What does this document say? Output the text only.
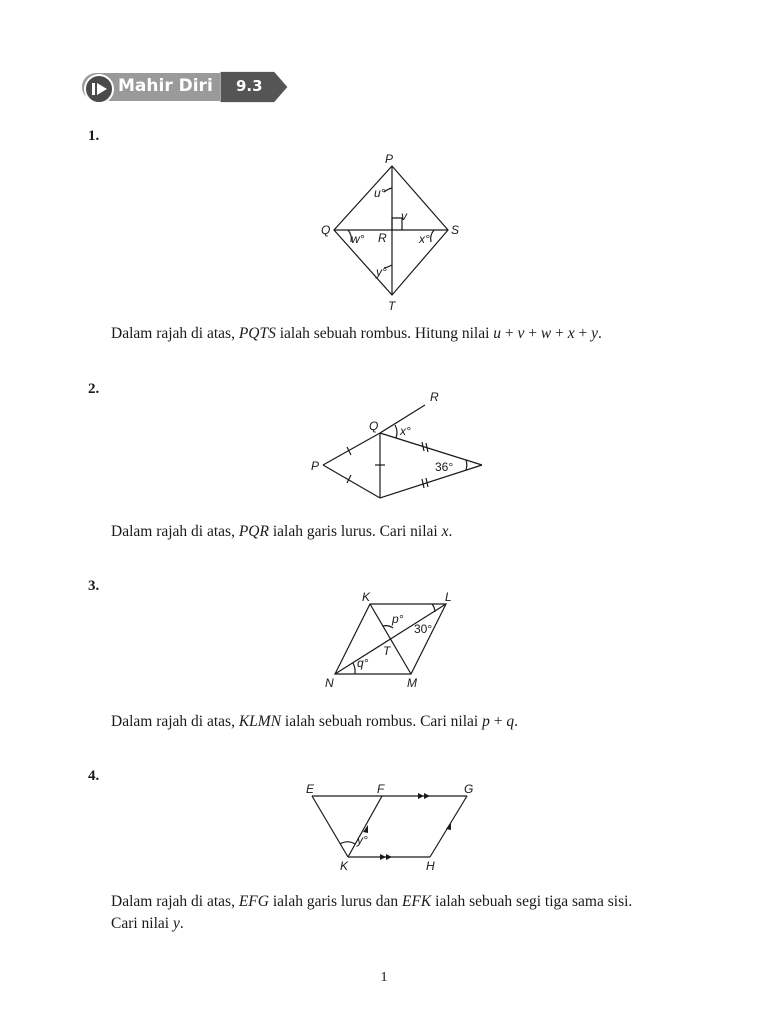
Mahir Diri 9.3
1.
P
Q
R
S
T
u°
v
w°	x°
y°
Dalam rajah di atas, PQTS ialah sebuah rombus. Hitung nilai u + v + w + x + y.
2.	R
Q
P
x°
36°
Dalam rajah di atas, PQR ialah garis lurus. Cari nilai x.
3.
K	L
M
N
T
p°
30°
q°
Dalam rajah di atas, KLMN ialah sebuah rombus. Cari nilai p + q.
4.
E	F	G
H
K
y°
Dalam rajah di atas, EFG ialah garis lurus dan EFK ialah sebuah segi tiga sama sisi.
Cari nilai y.
1
